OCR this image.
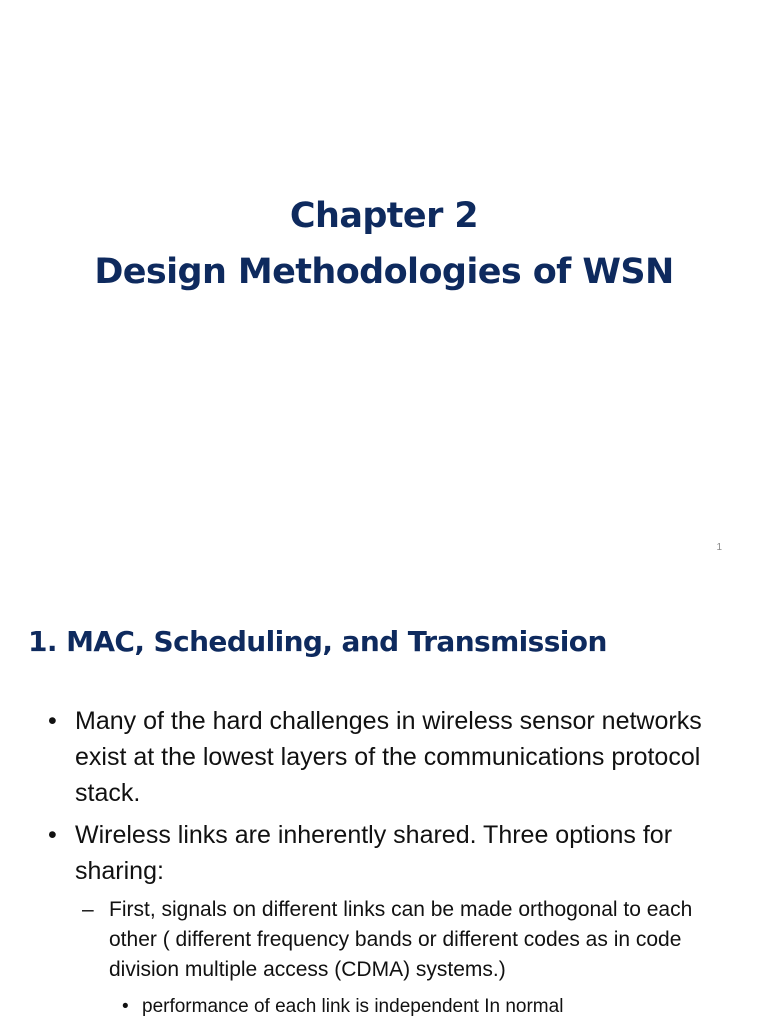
Chapter 2
Design Methodologies of WSN
1
1. MAC, Scheduling, and Transmission
• Many of the hard challenges in wireless sensor networks exist at the lowest layers of the communications protocol stack.
• Wireless links are inherently shared. Three options for sharing:
– First, signals on different links can be made orthogonal to each other ( different frequency bands or different codes as in code division multiple access (CDMA) systems.)
• performance of each link is independent In normal
